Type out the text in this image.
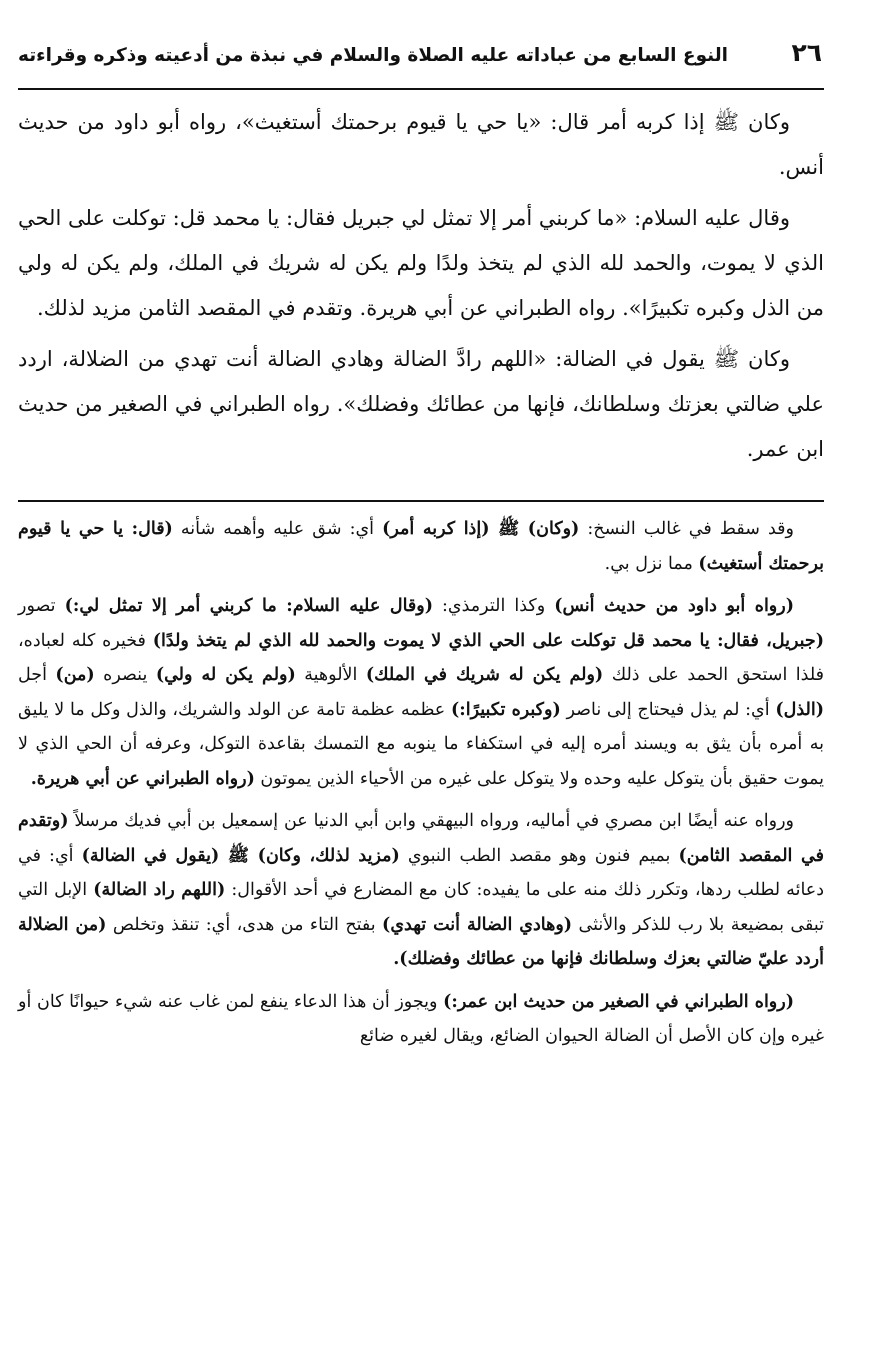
٢٦
النوع السابع من عباداته عليه الصلاة والسلام في نبذة من أدعيته وذكره وقراءته

وكان ﷺ إذا كربه أمر قال: «يا حي يا قيوم برحمتك أستغيث»، رواه أبو داود من حديث أنس.

وقال عليه السلام: «ما كربني أمر إلا تمثل لي جبريل فقال: يا محمد قل: توكلت على الحي الذي لا يموت، والحمد لله الذي لم يتخذ ولدًا ولم يكن له شريك في الملك، ولم يكن له ولي من الذل وكبره تكبيرًا». رواه الطبراني عن أبي هريرة. وتقدم في المقصد الثامن مزيد لذلك.

وكان ﷺ يقول في الضالة: «اللهم رادَّ الضالة وهادي الضالة أنت تهدي من الضلالة، اردد علي ضالتي بعزتك وسلطانك، فإنها من عطائك وفضلك». رواه الطبراني في الصغير من حديث ابن عمر.

وقد سقط في غالب النسخ: (وكان) ﷺ (إذا كربه أمر) أي: شق عليه وأهمه شأنه (قال: يا حي يا قيوم برحمتك أستغيث) مما نزل بي.

(رواه أبو داود من حديث أنس) وكذا الترمذي: (وقال عليه السلام: ما كربني أمر إلا تمثل لي:) تصور (جبريل، فقال: يا محمد قل توكلت على الحي الذي لا يموت والحمد لله الذي لم يتخذ ولدًا) فخيره كله لعباده، فلذا استحق الحمد على ذلك (ولم يكن له شريك في الملك) الألوهية (ولم يكن له ولي) ينصره (من) أجل (الذل) أي: لم يذل فيحتاج إلى ناصر (وكبره تكبيرًا:) عظمه عظمة تامة عن الولد والشريك، والذل وكل ما لا يليق به أمره بأن يثق به ويسند أمره إليه في استكفاء ما ينوبه مع التمسك بقاعدة التوكل، وعرفه أن الحي الذي لا يموت حقيق بأن يتوكل عليه وحده ولا يتوكل على غيره من الأحياء الذين يموتون (رواه الطبراني عن أبي هريرة.

ورواه عنه أيضًا ابن مصري في أماليه، ورواه البيهقي وابن أبي الدنيا عن إسمعيل بن أبي فديك مرسلاً (وتقدم في المقصد الثامن) بميم فنون وهو مقصد الطب النبوي (مزيد لذلك، وكان) ﷺ (يقول في الضالة) أي: في دعائه لطلب ردها، وتكرر ذلك منه على ما يفيده: كان مع المضارع في أحد الأقوال: (اللهم راد الضالة) الإبل التي تبقى بمضيعة بلا رب للذكر والأنثى (وهادي الضالة أنت تهدي) بفتح التاء من هدى، أي: تنقذ وتخلص (من الضلالة أردد عليّ ضالتي بعزك وسلطانك فإنها من عطائك وفضلك).

(رواه الطبراني في الصغير من حديث ابن عمر:) ويجوز أن هذا الدعاء ينفع لمن غاب عنه شيء حيوانًا كان أو غيره وإن كان الأصل أن الضالة الحيوان الضائع، ويقال لغيره ضائع
